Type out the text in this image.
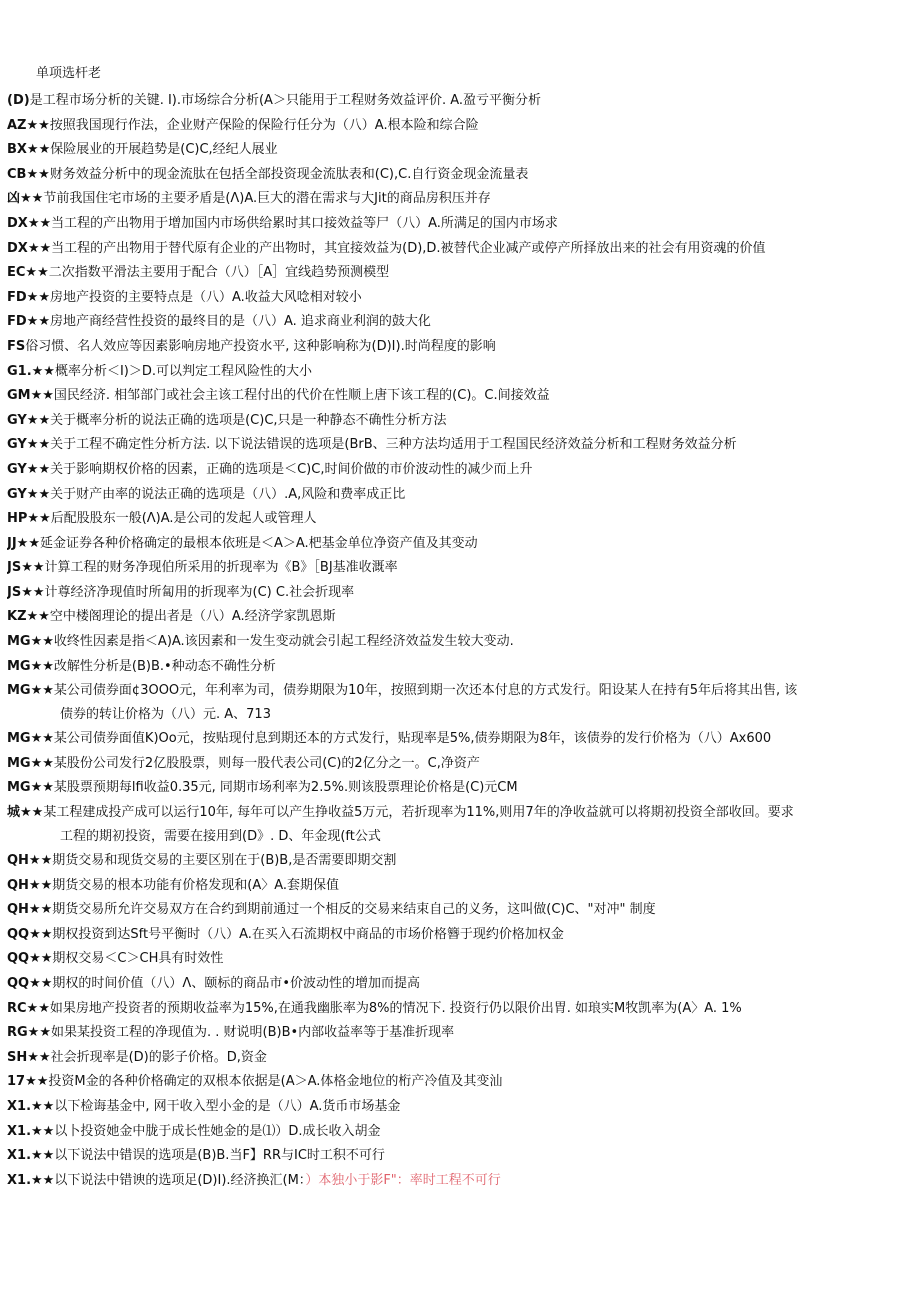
单项选杆老
(D)是工程市场分析的关键. I).市场综合分析(A＞只能用于工程财务效益评价. A.盈亏平衡分析
AZ★★按照我国现行作法，企业财产保险的保险行任分为（八）A.根本险和综合险
BX★★保险展业的开展趋势是(C)C,经纪人展业
CB★★财务效益分析中的现金流肽在包括全部投资现金流肽表和(C),C.自行资金现金流量表
凶★★节前我国住宅市场的主要矛盾是(Λ)A.巨大的潜在需求与大Jit的商品房积压并存
DX★★当工程的产出物用于增加国内市场供给累时其口接效益等尸（八）A.所满足的国内市场求
DX★★当工程的产出物用于替代原有企业的产出物时，其宜接效益为(D),D.被替代企业减产或停产所择放出来的社会有用资魂的价值
EC★★二次指数平滑法主要用于配合（八）［A］宜线趋势预测模型
FD★★房地产投资的主要特点是（八）A.收益大风唸相对较小
FD★★房地产商经营性投资的最终目的是（八）A. 追求商业利润的鼓大化
FS俗习惯、名人效应等因素影响房地产投资水平, 这种影响称为(D)I).时尚程度的影响
G1.★★概率分析＜I)＞D.可以判定工程风险性的大小
GM★★国民经济. 相邹部门或社会主该工程付出的代价在性顺上唐下该工程的(C)。C.间接效益
GY★★关于概率分析的说法正确的选项是(C)C,只是一种静态不确性分析方法
GY★★关于工程不确定性分析方法. 以下说法错误的选项是(BrB、三种方法均适用于工程国民经济效益分析和工程财务效益分析
GY★★关于影响期权价格的因素，正确的选项是＜C)C,时间价做的市价波动性的减少而上升
GY★★关于财产由率的说法正确的选项是（八）.A,风险和费率成正比
HP★★后配股股东一般(Λ)A.是公司的发起人或管理人
JJ★★延金证券各种价格确定的最根本依班是＜A＞A.杷基金单位净资产值及其变动
JS★★计算工程的财务净现伯所采用的折现率为《B》［BJ基准收溉率
JS★★计尊经济净现值时所匐用的折现率为(C) C.社会折现率
KZ★★空中楼阁理论的提出者是（八）A.经济学家凯恩斯
MG★★收终性因素是指＜A)A.该因素和一发生变动就会引起工程经济效益发生较大变动.
MG★★改解性分析是(B)B.•种动态不确性分析
MG★★某公司债券面¢3OOO元，年利率为司，债券期限为10年，按照到期一次还本付息的方式发行。阳设某人在持有5年后将其出售, 该
债券的转让价格为（八）元. A、713
MG★★某公司债券面值K)Oo元，按贴现付息到期还本的方式发行，贴现率是5%,债券期限为8年，该债券的发行价格为（八）Ax600
MG★★某股份公司发行2亿股股票，则每一股代表公司(C)的2亿分之一。C,净资产
MG★★某股票预期每lfi收益0.35元, 同期市场利率为2.5%.则该股票理论价格是(C)元CM
城★★某工程建成投产成可以运行10年, 每年可以产生挣收益5万元，若折现率为11%,则用7年的净收益就可以将期初投资全部收回。要求
工程的期初投资，需要在接用到(D》. D、年金现(ft公式
QH★★期货交易和现货交易的主要区别在于(B)B,是否需要即期交割
QH★★期货交易的根本功能有价格发现和(A〉A.套期保值
QH★★期货交易所允许交易双方在合约到期前通过一个相反的交易来结束自己的义务，这叫做(C)C、"对冲" 制度
QQ★★期权投资到达Sft号平衡时（八）A.在买入石流期权中商品的市场价格簪于现约价格加权金
QQ★★期权交易＜C＞CH具有时效性
QQ★★期权的时间价值（八）Λ、颐标的商品市•价波动性的增加而提高
RC★★如果房地产投资者的预期收益率为15%,在通我幽胀率为8%的情况下. 投资行仍以限价出胃. 如琅实M牧凯率为(A〉A. 1%
RG★★如果某投资工程的净现值为. . 财说明(B)B•内部收益率等于基准折现率
SH★★社会折现率是(D)的影子价格。D,资金
17★★投资M金的各种价格确定的双根本依据是(A＞A.体格金地位的桁产冷值及其变汕
X1.★★以下检诲基金中, 网干收入型小金的是（八）A.货币市场基金
X1.★★以卜投资她金中胧于成长性她金的是⑴）D.成长收入胡金
X1.★★以下说法中错误的选项是(B)B.当F】RR与IC时工积不可行
X1.★★以下说法中错谀的选项足(D)I).经济换汇(M：）本独小于影F"：率时工程不可行
